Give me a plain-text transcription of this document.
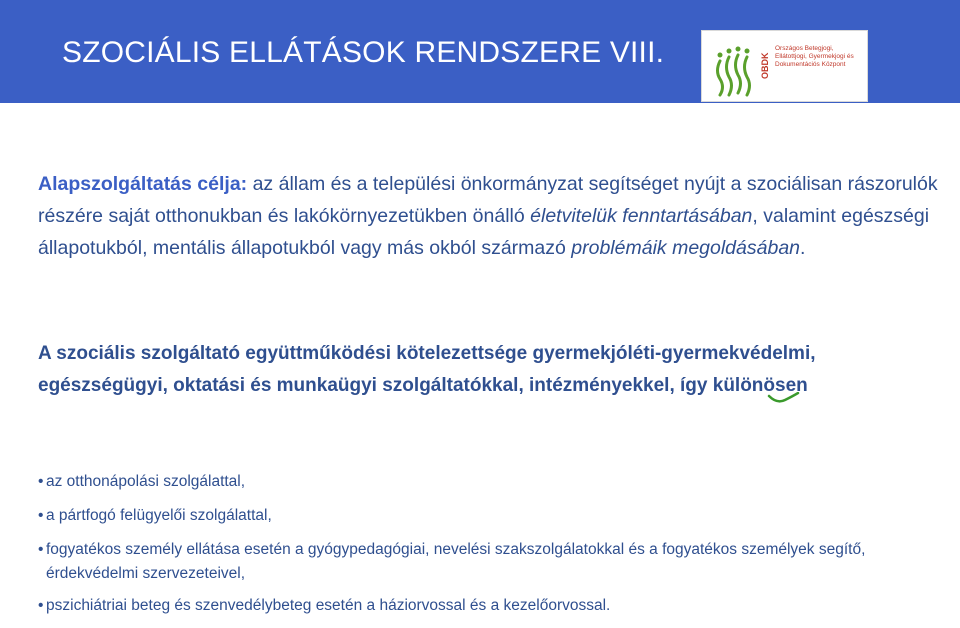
SZOCIÁLIS ELLÁTÁSOK RENDSZERE VIII.	OBDK
Országos Betegjogi,
Ellátottjogi, Gyermekjogi és
Dokumentációs Központ
Alapszolgáltatás célja: az állam és a települési önkormányzat segítséget nyújt a szociálisan rászorulók részére saját otthonukban és lakókörnyezetükben önálló életvitelük fenntartásában, valamint egészségi állapotukból, mentális állapotukból vagy más okból származó problémáik megoldásában.
A szociális szolgáltató együttműködési kötelezettsége gyermekjóléti-gyermekvédelmi, egészségügyi, oktatási és munkaügyi szolgáltatókkal, intézményekkel, így különösen
• az otthonápolási szolgálattal,
• a pártfogó felügyelői szolgálattal,
• fogyatékos személy ellátása esetén a gyógypedagógiai, nevelési szakszolgálatokkal és a fogyatékos személyek segítő, érdekvédelmi szervezeteivel,
• pszichiátriai beteg és szenvedélybeteg esetén a háziorvossal és a kezelőorvossal.
